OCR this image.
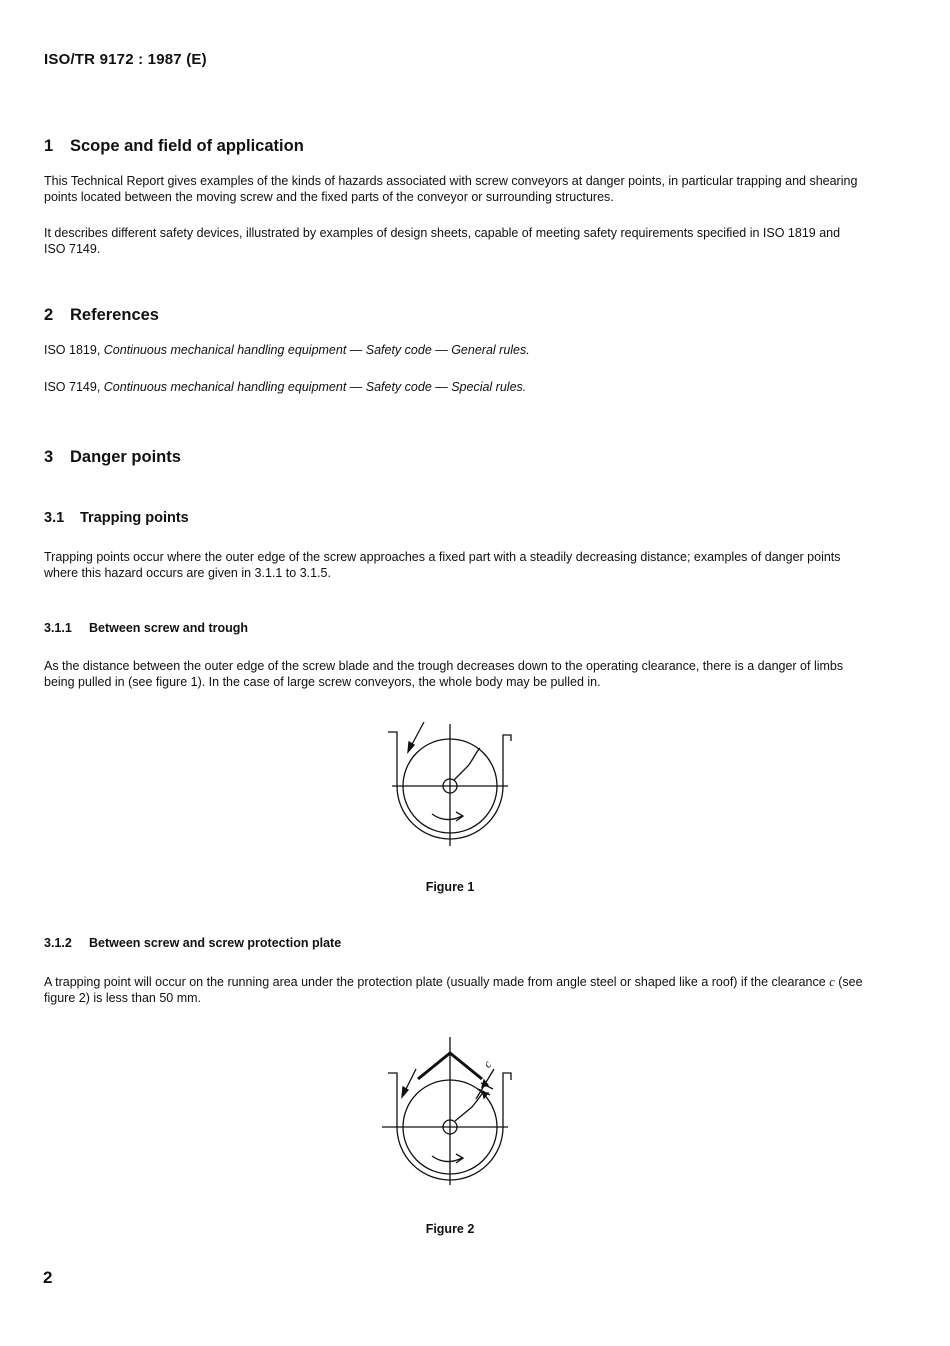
ISO/TR 9172 : 1987 (E)
1 Scope and field of application
This Technical Report gives examples of the kinds of hazards associated with screw conveyors at danger points, in particular trapping and shearing points located between the moving screw and the fixed parts of the conveyor or surrounding structures.
It describes different safety devices, illustrated by examples of design sheets, capable of meeting safety requirements specified in ISO 1819 and ISO 7149.
2 References
ISO 1819, Continuous mechanical handling equipment — Safety code — General rules.
ISO 7149, Continuous mechanical handling equipment — Safety code — Special rules.
3 Danger points
3.1 Trapping points
Trapping points occur where the outer edge of the screw approaches a fixed part with a steadily decreasing distance; examples of danger points where this hazard occurs are given in 3.1.1 to 3.1.5.
3.1.1 Between screw and trough
As the distance between the outer edge of the screw blade and the trough decreases down to the operating clearance, there is a danger of limbs being pulled in (see figure 1). In the case of large screw conveyors, the whole body may be pulled in.
Figure 1
3.1.2 Between screw and screw protection plate
A trapping point will occur on the running area under the protection plate (usually made from angle steel or shaped like a roof) if the clearance c (see figure 2) is less than 50 mm.
c
Figure 2
2
